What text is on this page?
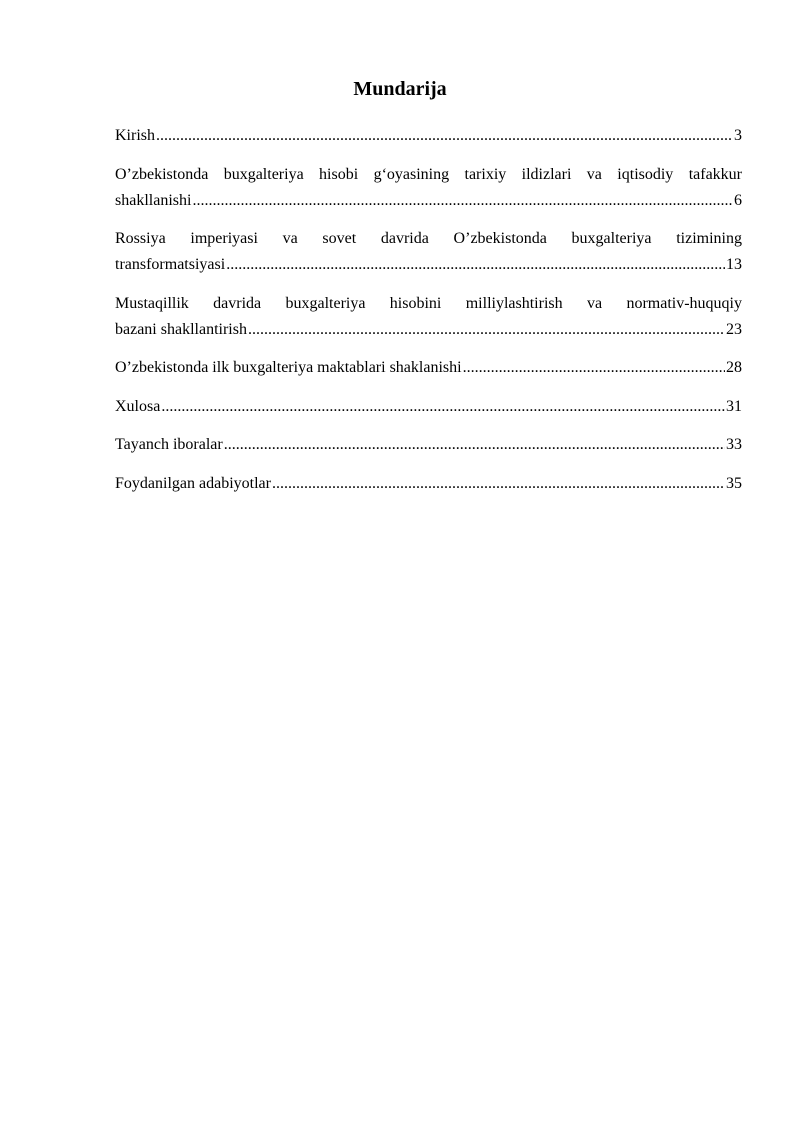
Mundarija
Kirish .....	3
O’zbekistonda buxgalteriya hisobi g‘oyasining tarixiy ildizlari va iqtisodiy tafakkur
shakllanishi .....	6
Rossiya imperiyasi va sovet davrida O’zbekistonda buxgalteriya tizimining
transformatsiyasi .....	13
Mustaqillik davrida buxgalteriya hisobini milliylashtirish va normativ-huquqiy
bazani shakllantirish .....	23
O’zbekistonda ilk buxgalteriya maktablari shaklanishi .....	28
Xulosa .....	31
Tayanch iboralar .....	33
Foydanilgan adabiyotlar .....	35
